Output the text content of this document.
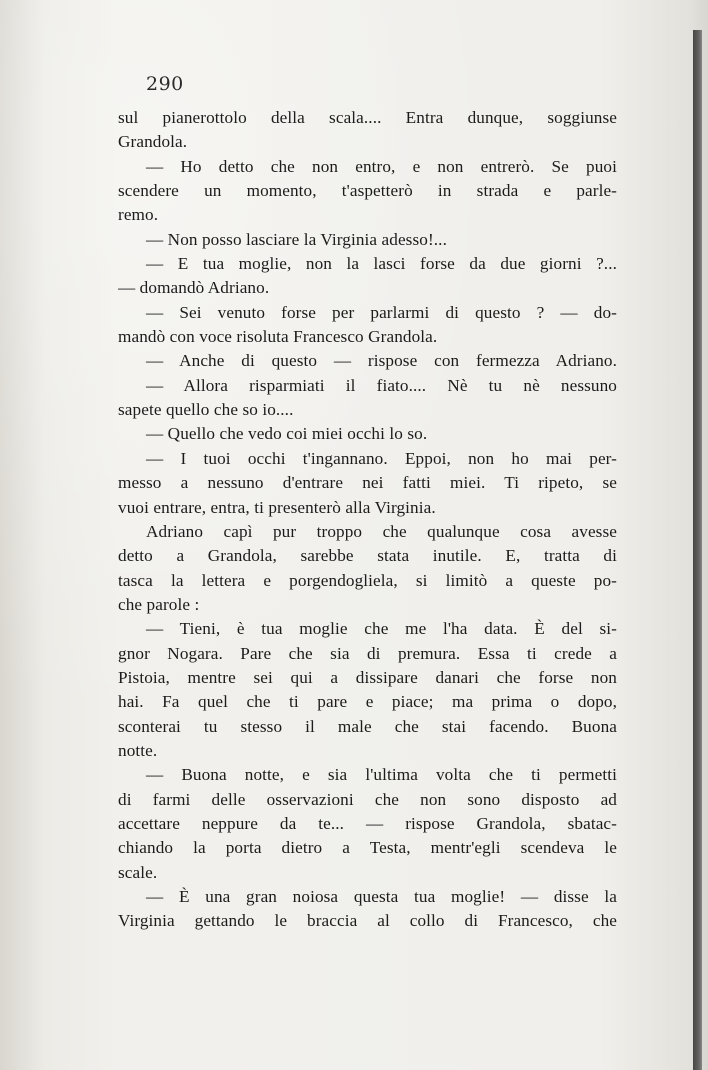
290
sul pianerottolo della scala.... Entra dunque, soggiunse
Grandola.
— Ho detto che non entro, e non entrerò. Se puoi
scendere un momento, t'aspetterò in strada e parle-
remo.
— Non posso lasciare la Virginia adesso!...
— E tua moglie, non la lasci forse da due giorni ?...
— domandò Adriano.
— Sei venuto forse per parlarmi di questo ? — do-
mandò con voce risoluta Francesco Grandola.
— Anche di questo — rispose con fermezza Adriano.
— Allora risparmiati il fiato.... Nè tu nè nessuno
sapete quello che so io....
— Quello che vedo coi miei occhi lo so.
— I tuoi occhi t'ingannano. Eppoi, non ho mai per-
messo a nessuno d'entrare nei fatti miei. Ti ripeto, se
vuoi entrare, entra, ti presenterò alla Virginia.
Adriano capì pur troppo che qualunque cosa avesse
detto a Grandola, sarebbe stata inutile. E, tratta di
tasca la lettera e porgendogliela, si limitò a queste po-
che parole :
— Tieni, è tua moglie che me l'ha data. È del si-
gnor Nogara. Pare che sia di premura. Essa ti crede a
Pistoia, mentre sei qui a dissipare danari che forse non
hai. Fa quel che ti pare e piace; ma prima o dopo,
sconterai tu stesso il male che stai facendo. Buona
notte.
— Buona notte, e sia l'ultima volta che ti permetti
di farmi delle osservazioni che non sono disposto ad
accettare neppure da te... — rispose Grandola, sbatac-
chiando la porta dietro a Testa, mentr'egli scendeva le
scale.
— È una gran noiosa questa tua moglie! — disse la
Virginia gettando le braccia al collo di Francesco, che
